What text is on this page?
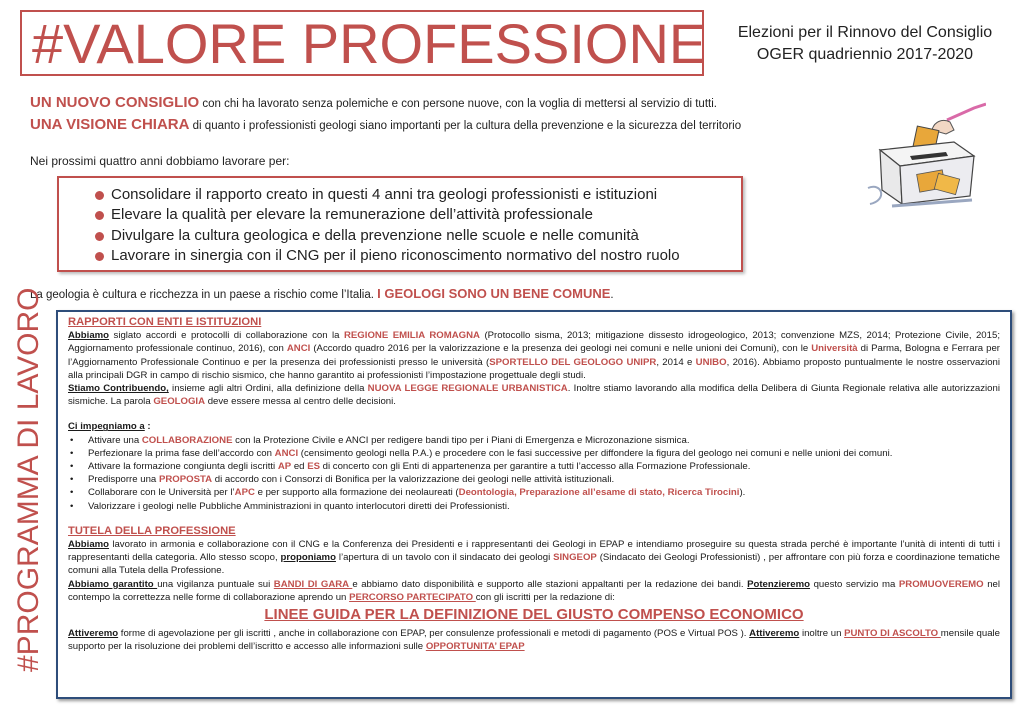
#VALORE PROFESSIONE	Elezioni per il Rinnovo del Consiglio
OGER quadriennio 2017-2020
UN NUOVO CONSIGLIO con chi ha lavorato senza polemiche e con persone nuove, con la voglia di mettersi al servizio di tutti.
UNA VISIONE CHIARA di quanto i professionisti geologi siano importanti per la cultura della prevenzione e la sicurezza del territorio
Nei prossimi quattro anni dobbiamo lavorare per:
Consolidare il rapporto creato in questi 4 anni tra geologi professionisti e istituzioni
Elevare la qualità per elevare la remunerazione dell’attività professionale
Divulgare la cultura geologica e della prevenzione nelle scuole e nelle comunità
Lavorare in sinergia con il CNG per il pieno riconoscimento normativo del nostro ruolo
La geologia è cultura e ricchezza in un paese a rischio come l’Italia. I GEOLOGI SONO UN BENE COMUNE.
#PROGRAMMA DI LAVORO RAPPORTI CON ENTI E ISTITUZIONI

Abbiamo siglato accordi e protocolli di collaborazione con la REGIONE EMILIA ROMAGNA (Protocollo sisma, 2013; mitigazione dissesto idrogeologico, 2013; convenzione MZS, 2014; Protezione Civile, 2015; Aggiornamento professionale continuo, 2016), con ANCI (Accordo quadro 2016 per la valorizzazione e la presenza dei geologi nei comuni e nelle unioni dei Comuni), con le Università di Parma, Bologna e Ferrara per l’Aggiornamento Professionale Continuo e per la presenza dei professionisti presso le università (SPORTELLO DEL GEOLOGO UNIPR, 2014 e UNIBO, 2016). Abbiamo proposto puntualmente le nostre osservazioni alla principali DGR in campo di rischio sismico, che hanno garantito ai professionisti l’impostazione progettuale degli studi.

Stiamo Contribuendo, insieme agli altri Ordini, alla definizione della NUOVA LEGGE REGIONALE URBANISTICA. Inoltre stiamo lavorando alla modifica della Delibera di Giunta Regionale relativa alle autorizzazioni sismiche. La parola GEOLOGIA deve essere messa al centro delle decisioni.

Ci impegniamo a :
• Attivare una COLLABORAZIONE con la Protezione Civile e ANCI per redigere bandi tipo per i Piani di Emergenza e Microzonazione sismica.
• Perfezionare la prima fase dell’accordo con ANCI (censimento geologi nella P.A.) e procedere con le fasi successive per diffondere la figura del geologo nei comuni e nelle unioni dei comuni.
• Attivare la formazione congiunta degli iscritti AP ed ES di concerto con gli Enti di appartenenza per garantire a tutti l’accesso alla Formazione Professionale.
• Predisporre una PROPOSTA di accordo con i Consorzi di Bonifica per la valorizzazione dei geologi nelle attività istituzionali.
• Collaborare con le Università per l’APC e per supporto alla formazione dei neolaureati (Deontologia, Preparazione all’esame di stato, Ricerca Tirocini).
• Valorizzare i geologi nelle Pubbliche Amministrazioni in quanto interlocutori diretti dei Professionisti.
TUTELA DELLA PROFESSIONE

Abbiamo lavorato in armonia e collaborazione con il CNG e la Conferenza dei Presidenti e i rappresentanti dei Geologi in EPAP e intendiamo proseguire su questa strada perché è importante l’unità di intenti di tutti i rappresentanti della categoria. Allo stesso scopo, proponiamo l’apertura di un tavolo con il sindacato dei geologi SINGEOP (Sindacato dei Geologi Professionisti) , per affrontare con più forza e coordinazione tematiche comuni alla Tutela della Professione.

Abbiamo garantito una vigilanza puntuale sui BANDI DI GARA e abbiamo dato disponibilità e supporto alle stazioni appaltanti per la redazione dei bandi. Potenzieremo questo servizio ma PROMUOVEREMO nel contempo la correttezza nelle forme di collaborazione aprendo un PERCORSO PARTECIPATO con gli iscritti per la redazione di:

LINEE GUIDA PER LA DEFINIZIONE DEL GIUSTO COMPENSO ECONOMICO

Attiveremo forme di agevolazione per gli iscritti , anche in collaborazione con EPAP, per consulenze professionali e metodi di pagamento (POS e Virtual POS ). Attiveremo inoltre un PUNTO DI ASCOLTO mensile quale supporto per la risoluzione dei problemi dell’iscritto e accesso alle informazioni sulle OPPORTUNITA’ EPAP
